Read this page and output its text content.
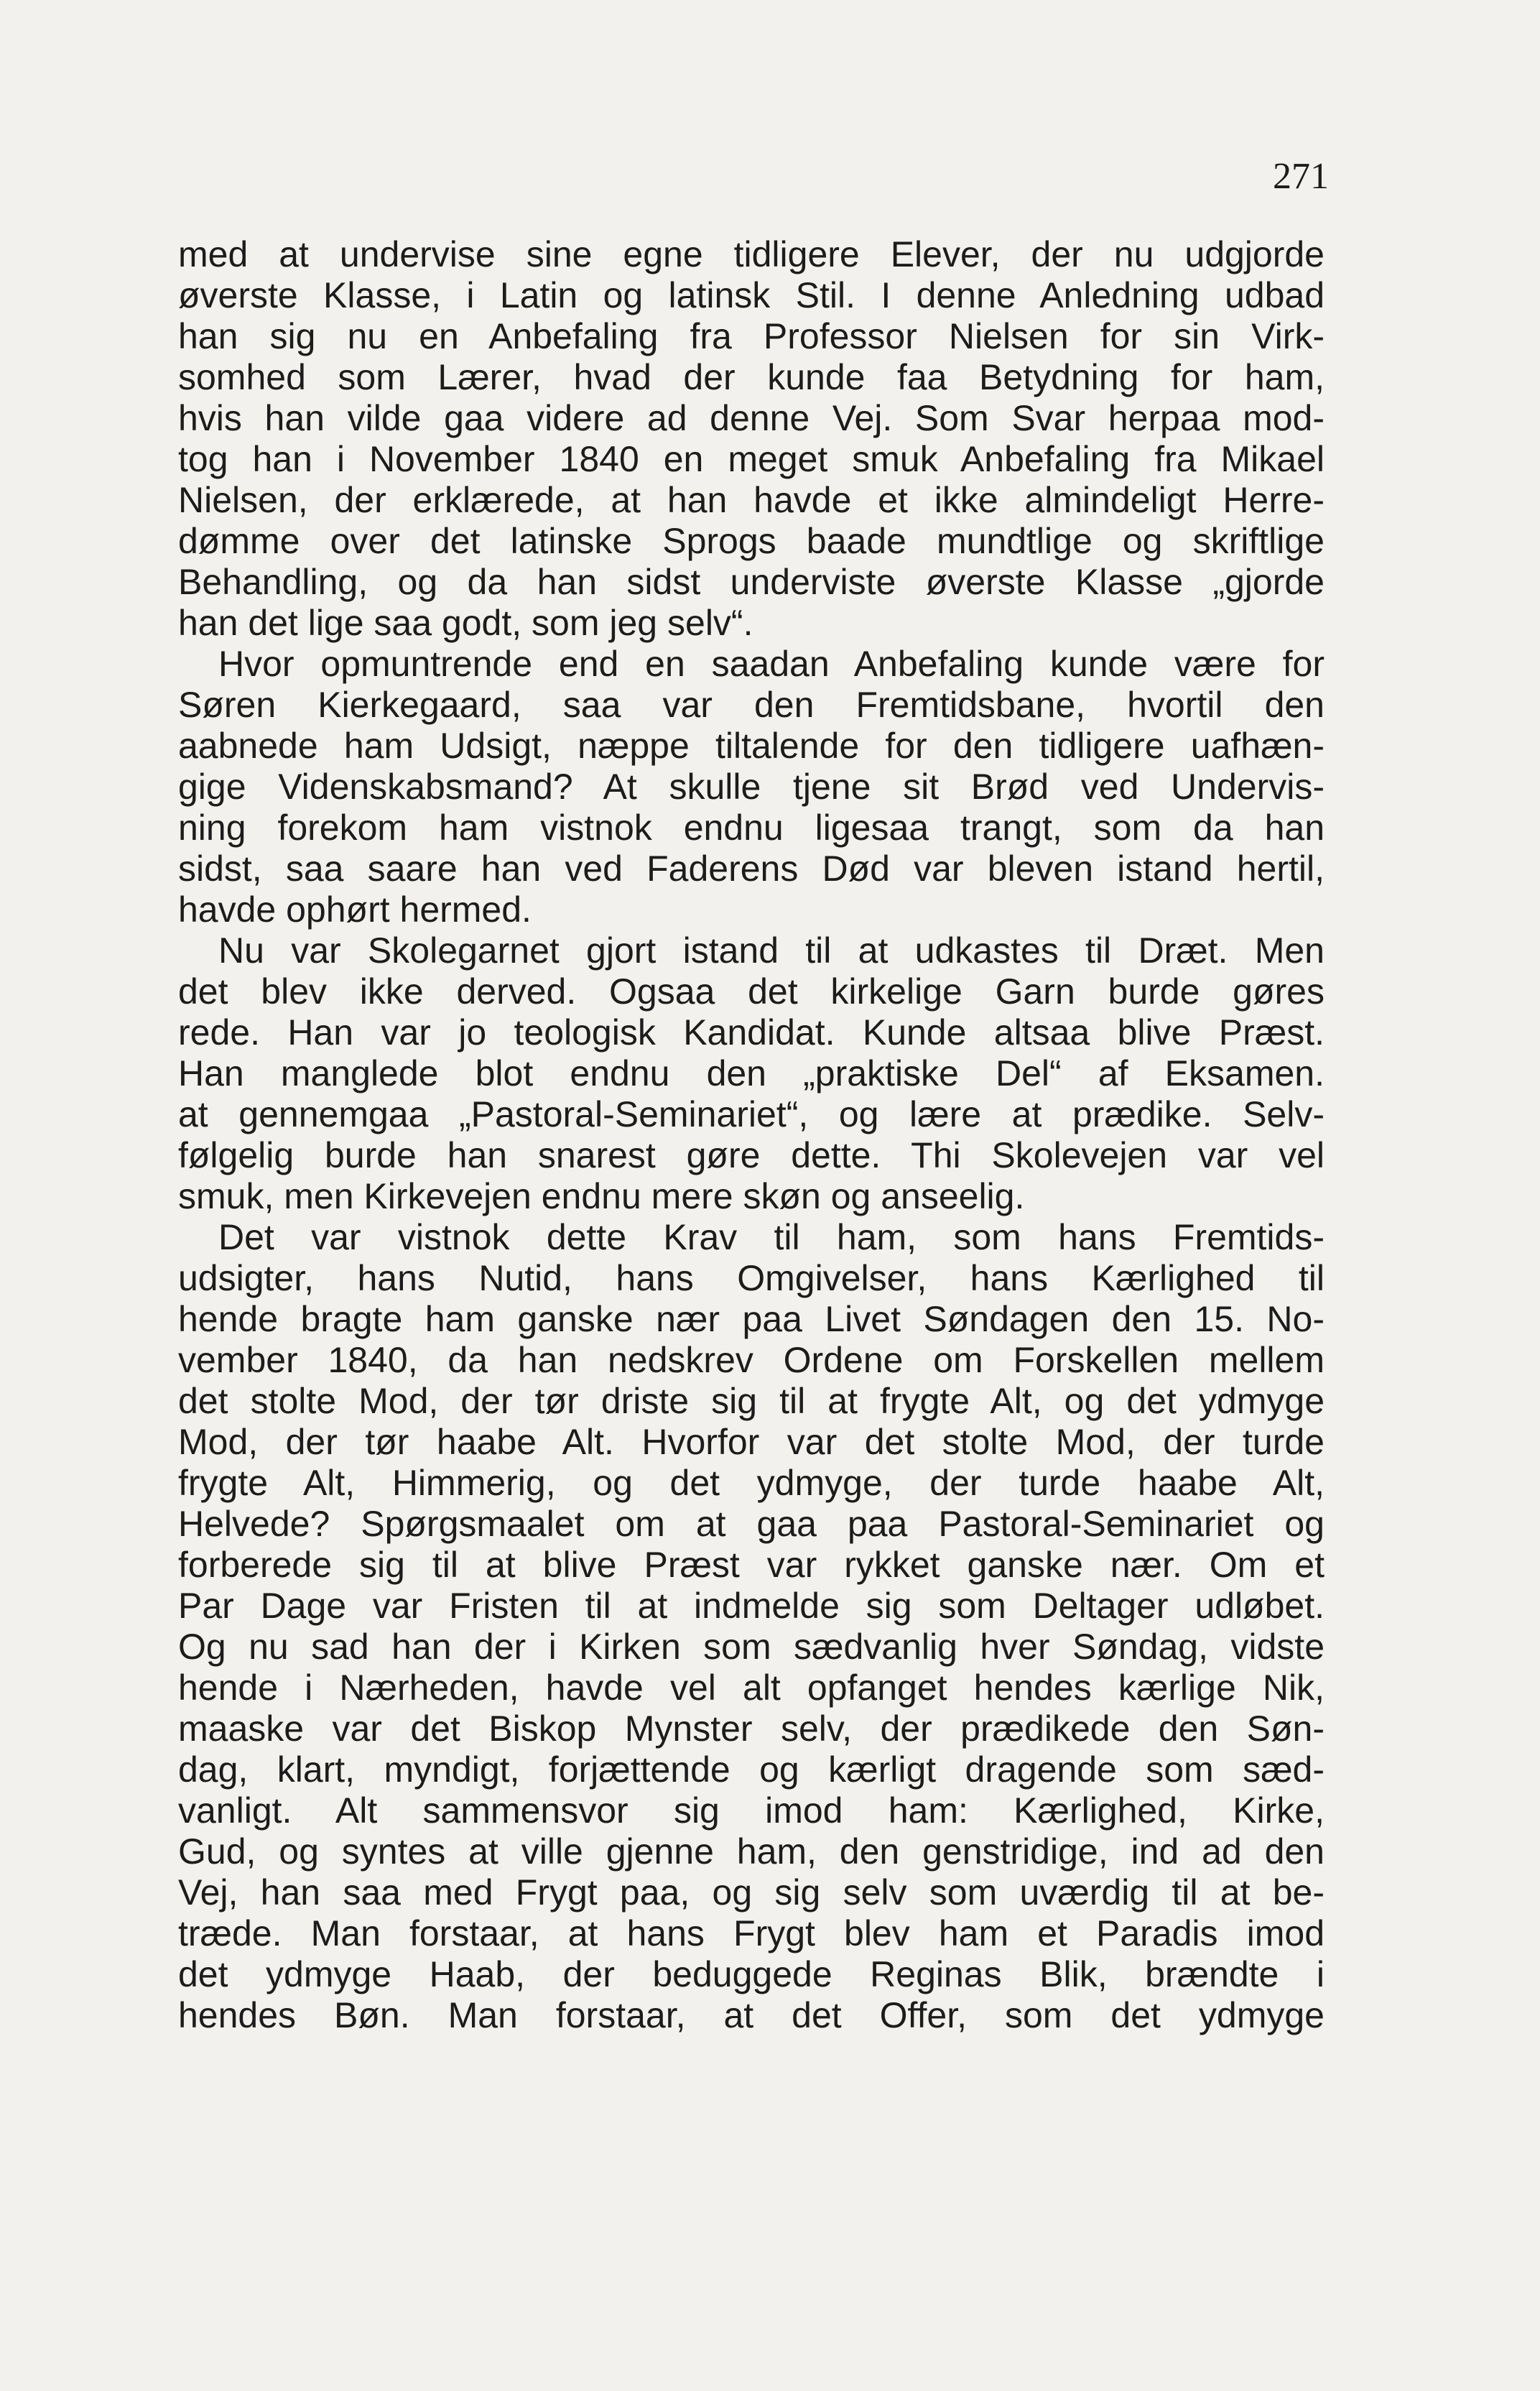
271
med at undervise sine egne tidligere Elever, der nu udgjorde
øverste Klasse, i Latin og latinsk Stil. I denne Anledning udbad
han sig nu en Anbefaling fra Professor Nielsen for sin Virk-
somhed som Lærer, hvad der kunde faa Betydning for ham,
hvis han vilde gaa videre ad denne Vej. Som Svar herpaa mod-
tog han i November 1840 en meget smuk Anbefaling fra Mikael
Nielsen, der erklærede, at han havde et ikke almindeligt Herre-
dømme over det latinske Sprogs baade mundtlige og skriftlige
Behandling, og da han sidst underviste øverste Klasse „gjorde
han det lige saa godt, som jeg selv“.
Hvor opmuntrende end en saadan Anbefaling kunde være for
Søren Kierkegaard, saa var den Fremtidsbane, hvortil den
aabnede ham Udsigt, næppe tiltalende for den tidligere uafhæn-
gige Videnskabsmand? At skulle tjene sit Brød ved Undervis-
ning forekom ham vistnok endnu ligesaa trangt, som da han
sidst, saa saare han ved Faderens Død var bleven istand hertil,
havde ophørt hermed.
Nu var Skolegarnet gjort istand til at udkastes til Dræt. Men
det blev ikke derved. Ogsaa det kirkelige Garn burde gøres
rede. Han var jo teologisk Kandidat. Kunde altsaa blive Præst.
Han manglede blot endnu den „praktiske Del“ af Eksamen.
at gennemgaa „Pastoral-Seminariet“, og lære at prædike. Selv-
følgelig burde han snarest gøre dette. Thi Skolevejen var vel
smuk, men Kirkevejen endnu mere skøn og anseelig.
Det var vistnok dette Krav til ham, som hans Fremtids-
udsigter, hans Nutid, hans Omgivelser, hans Kærlighed til
hende bragte ham ganske nær paa Livet Søndagen den 15. No-
vember 1840, da han nedskrev Ordene om Forskellen mellem
det stolte Mod, der tør driste sig til at frygte Alt, og det ydmyge
Mod, der tør haabe Alt. Hvorfor var det stolte Mod, der turde
frygte Alt, Himmerig, og det ydmyge, der turde haabe Alt,
Helvede? Spørgsmaalet om at gaa paa Pastoral-Seminariet og
forberede sig til at blive Præst var rykket ganske nær. Om et
Par Dage var Fristen til at indmelde sig som Deltager udløbet.
Og nu sad han der i Kirken som sædvanlig hver Søndag, vidste
hende i Nærheden, havde vel alt opfanget hendes kærlige Nik,
maaske var det Biskop Mynster selv, der prædikede den Søn-
dag, klart, myndigt, forjættende og kærligt dragende som sæd-
vanligt. Alt sammensvor sig imod ham: Kærlighed, Kirke,
Gud, og syntes at ville gjenne ham, den genstridige, ind ad den
Vej, han saa med Frygt paa, og sig selv som uværdig til at be-
træde. Man forstaar, at hans Frygt blev ham et Paradis imod
det ydmyge Haab, der beduggede Reginas Blik, brændte i
hendes Bøn. Man forstaar, at det Offer, som det ydmyge
